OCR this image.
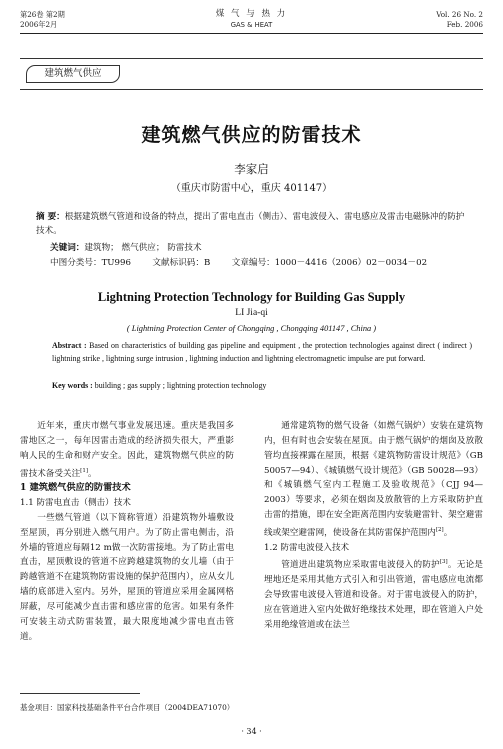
第26卷 第2期
2006年2月
煤 气 与 热 力
GAS & HEAT
Vol. 26 No. 2
Feb. 2006
建筑燃气供应
建筑燃气供应的防雷技术
李家启
（重庆市防雷中心，重庆 401147）
摘 要：根据建筑燃气管道和设备的特点，提出了雷电直击（侧击）、雷电波侵入、雷电感应及雷击电磁脉冲的防护技术。
关键词：建筑物； 燃气供应； 防雷技术
中图分类号：TU996 文献标识码：B 文章编号：1000－4416（2006）02－0034－02
Lightning Protection Technology for Building Gas Supply
LI Jia-qi
( Lightning Protection Center of Chongqing , Chongqing 401147 , China )
Abstract : Based on characteristics of building gas pipeline and equipment , the protection technologies against direct ( indirect ) lightning strike , lightning surge intrusion , lightning induction and lightning electromagnetic impulse are put forward.
Key words : building ; gas supply ; lightning protection technology

近年来，重庆市燃气事业发展迅速。重庆是我国多雷地区之一，每年因雷击造成的经济损失很大，严重影响人民的生命和财产安全。因此，建筑物燃气供应的防雷技术备受关注[1]。

1 建筑燃气供应的防雷技术

1.1 防雷电直击（侧击）技术

一些燃气管道（以下简称管道）沿建筑物外墙敷设至屋顶，再分别进入燃气用户。为了防止雷电侧击，沿外墙的管道应每隔12 m做一次防雷接地。为了防止雷电直击，屋顶敷设的管道不应跨越建筑物的女儿墙（由于跨越管道不在建筑物防雷设施的保护范围内），应从女儿墙的底部进入室内。另外，屋顶的管道应采用金属网格屏蔽，尽可能减少直击雷和感应雷的危害。如果有条件可安装主动式防雷装置，最大限度地减少雷电直击管道。

通常建筑物的燃气设备（如燃气锅炉）安装在建筑物内，但有时也会安装在屋顶。由于燃气锅炉的烟囱及放散管均直接裸露在屋顶，根据《建筑物防雷设计规范》（GB 50057—94）、《城镇燃气设计规范》（GB 50028—93）和《城镇燃气室内工程施工及验收规范》（CJJ 94—2003）等要求，必须在烟囱及放散管的上方采取防护直击雷的措施，即在安全距离范围内安装避雷针、架空避雷线或架空避雷网，使设备在其防雷保护范围内[2]。

1.2 防雷电波侵入技术

管道进出建筑物应采取雷电波侵入的防护[3]。无论是埋地还是采用其他方式引入和引出管道，雷电感应电流都会导致雷电波侵入管道和设备。对于雷电波侵入的防护，应在管道进入室内处做好绝缘技术处理，即在管道入户处采用绝缘管道或在法兰

基金项目：国家科技基础条件平台合作项目（2004DEA71070）
· 34 ·
